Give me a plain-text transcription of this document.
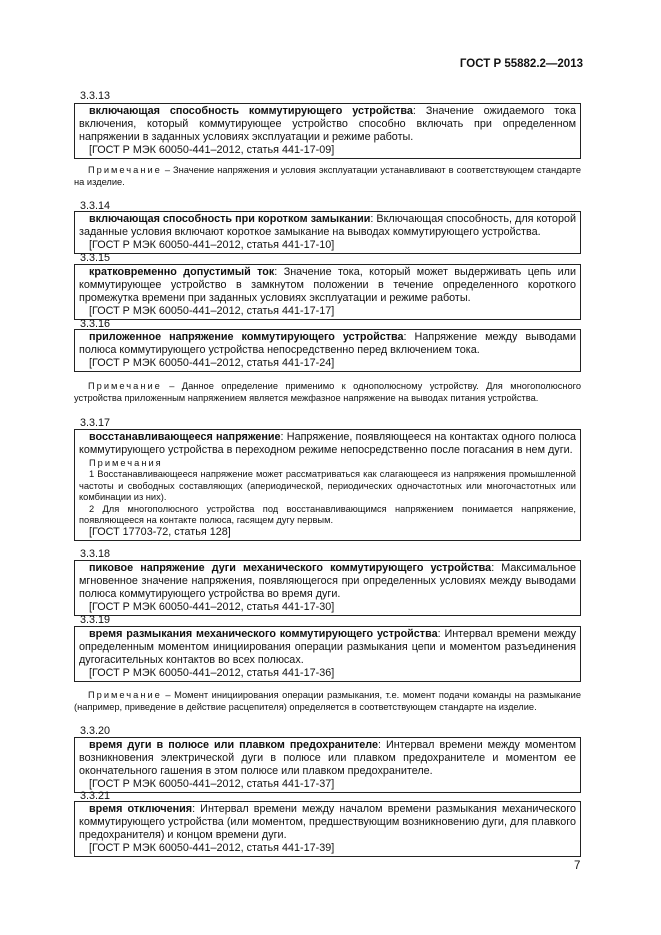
ГОСТ Р 55882.2—2013
3.3.13

включающая способность коммутирующего устройства: Значение ожидаемого тока включения, который коммутирующее устройство способно включать при определенном напряжении в заданных условиях эксплуатации и режиме работы.

[ГОСТ Р МЭК 60050-441–2012, статья 441-17-09]

Примечание – Значение напряжения и условия эксплуатации устанавливают в соответствующем стандарте на изделие.

3.3.14

включающая способность при коротком замыкании: Включающая способность, для которой заданные условия включают короткое замыкание на выводах коммутирующего устройства.

[ГОСТ Р МЭК 60050-441–2012, статья 441-17-10]

3.3.15

кратковременно допустимый ток: Значение тока, который может выдерживать цепь или коммутирующее устройство в замкнутом положении в течение определенного короткого промежутка времени при заданных условиях эксплуатации и режиме работы.

[ГОСТ Р МЭК 60050-441–2012, статья 441-17-17]

3.3.16

приложенное напряжение коммутирующего устройства: Напряжение между выводами полюса коммутирующего устройства непосредственно перед включением тока.

[ГОСТ Р МЭК 60050-441–2012, статья 441-17-24]

Примечание – Данное определение применимо к однополюсному устройству. Для многополюсного устройства приложенным напряжением является межфазное напряжение на выводах питания устройства.

3.3.17

восстанавливающееся напряжение: Напряжение, появляющееся на контактах одного полюса коммутирующего устройства в переходном режиме непосредственно после погасания в нем дуги.

Примечания

1 Восстанавливающееся напряжение может рассматриваться как слагающееся из напряжения промышленной частоты и свободных составляющих (апериодической, периодических одночастотных или многочастотных или комбинации из них).

2 Для многополюсного устройства под восстанавливающимся напряжением понимается напряжение, появляющееся на контакте полюса, гасящем дугу первым.

[ГОСТ 17703-72, статья 128]

3.3.18

пиковое напряжение дуги механического коммутирующего устройства: Максимальное мгновенное значение напряжения, появляющегося при определенных условиях между выводами полюса коммутирующего устройства во время дуги.

[ГОСТ Р МЭК 60050-441–2012, статья 441-17-30]

3.3.19

время размыкания механического коммутирующего устройства: Интервал времени между определенным моментом инициирования операции размыкания цепи и моментом разъединения дугогасительных контактов во всех полюсах.

[ГОСТ Р МЭК 60050-441–2012, статья 441-17-36]

Примечание – Момент инициирования операции размыкания, т.е. момент подачи команды на размыкание (например, приведение в действие расцепителя) определяется в соответствующем стандарте на изделие.

3.3.20

время дуги в полюсе или плавком предохранителе: Интервал времени между моментом возникновения электрической дуги в полюсе или плавком предохранителе и моментом ее окончательного гашения в этом полюсе или плавком предохранителе.

[ГОСТ Р МЭК 60050-441–2012, статья 441-17-37]

3.3.21

время отключения: Интервал времени между началом времени размыкания механического коммутирующего устройства (или моментом, предшествующим возникновению дуги, для плавкого предохранителя) и концом времени дуги.

[ГОСТ Р МЭК 60050-441–2012, статья 441-17-39]

7
